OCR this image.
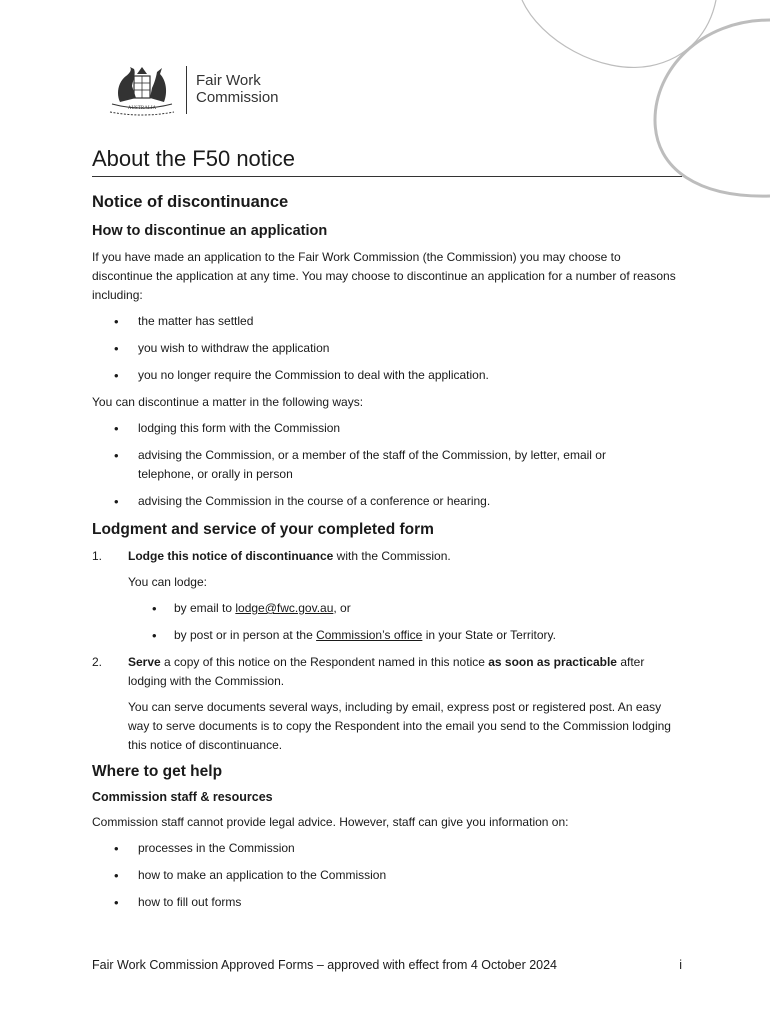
AUSTRALIA
Fair Work
Commission
About the F50 notice
Notice of discontinuance
How to discontinue an application

If you have made an application to the Fair Work Commission (the Commission) you may choose to discontinue the application at any time. You may choose to discontinue an application for a number of reasons including:

• the matter has settled
• you wish to withdraw the application
• you no longer require the Commission to deal with the application.

You can discontinue a matter in the following ways:

• lodging this form with the Commission
• advising the Commission, or a member of the staff of the Commission, by letter, email or telephone, or orally in person
• advising the Commission in the course of a conference or hearing.
Lodgment and service of your completed form
1. Lodge this notice of discontinuance with the Commission.

You can lodge:

• by email to lodge@fwc.gov.au, or
• by post or in person at the Commission’s office in your State or Territory.
2. Serve a copy of this notice on the Respondent named in this notice as soon as practicable after lodging with the Commission.

You can serve documents several ways, including by email, express post or registered post. An easy way to serve documents is to copy the Respondent into the email you send to the Commission lodging this notice of discontinuance.

Where to get help
Commission staff & resources

Commission staff cannot provide legal advice. However, staff can give you information on:

• processes in the Commission
• how to make an application to the Commission
• how to fill out forms
Fair Work Commission Approved Forms – approved with effect from 4 October 2024	i
